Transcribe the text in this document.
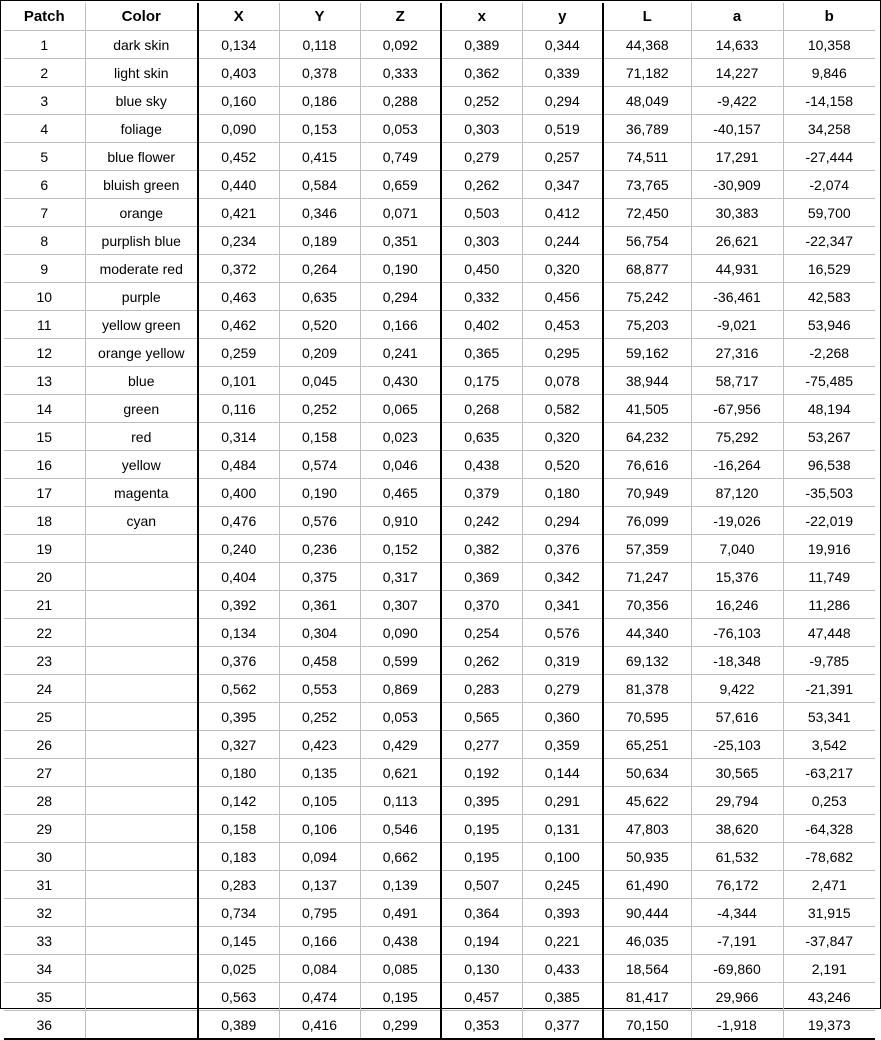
Patch	Color	X	Y	Z	x	y	L	a	b
1	dark skin	0,134	0,118	0,092	0,389	0,344	44,368	14,633	10,358
2	light skin	0,403	0,378	0,333	0,362	0,339	71,182	14,227	9,846
3	blue sky	0,160	0,186	0,288	0,252	0,294	48,049	-9,422	-14,158
4	foliage	0,090	0,153	0,053	0,303	0,519	36,789	-40,157	34,258
5	blue flower	0,452	0,415	0,749	0,279	0,257	74,511	17,291	-27,444
6	bluish green	0,440	0,584	0,659	0,262	0,347	73,765	-30,909	-2,074
7	orange	0,421	0,346	0,071	0,503	0,412	72,450	30,383	59,700
8	purplish blue	0,234	0,189	0,351	0,303	0,244	56,754	26,621	-22,347
9	moderate red	0,372	0,264	0,190	0,450	0,320	68,877	44,931	16,529
10	purple	0,463	0,635	0,294	0,332	0,456	75,242	-36,461	42,583
11	yellow green	0,462	0,520	0,166	0,402	0,453	75,203	-9,021	53,946
12	orange yellow	0,259	0,209	0,241	0,365	0,295	59,162	27,316	-2,268
13	blue	0,101	0,045	0,430	0,175	0,078	38,944	58,717	-75,485
14	green	0,116	0,252	0,065	0,268	0,582	41,505	-67,956	48,194
15	red	0,314	0,158	0,023	0,635	0,320	64,232	75,292	53,267
16	yellow	0,484	0,574	0,046	0,438	0,520	76,616	-16,264	96,538
17	magenta	0,400	0,190	0,465	0,379	0,180	70,949	87,120	-35,503
18	cyan	0,476	0,576	0,910	0,242	0,294	76,099	-19,026	-22,019
19		0,240	0,236	0,152	0,382	0,376	57,359	7,040	19,916
20		0,404	0,375	0,317	0,369	0,342	71,247	15,376	11,749
21		0,392	0,361	0,307	0,370	0,341	70,356	16,246	11,286
22		0,134	0,304	0,090	0,254	0,576	44,340	-76,103	47,448
23		0,376	0,458	0,599	0,262	0,319	69,132	-18,348	-9,785
24		0,562	0,553	0,869	0,283	0,279	81,378	9,422	-21,391
25		0,395	0,252	0,053	0,565	0,360	70,595	57,616	53,341
26		0,327	0,423	0,429	0,277	0,359	65,251	-25,103	3,542
27		0,180	0,135	0,621	0,192	0,144	50,634	30,565	-63,217
28		0,142	0,105	0,113	0,395	0,291	45,622	29,794	0,253
29		0,158	0,106	0,546	0,195	0,131	47,803	38,620	-64,328
30		0,183	0,094	0,662	0,195	0,100	50,935	61,532	-78,682
31		0,283	0,137	0,139	0,507	0,245	61,490	76,172	2,471
32		0,734	0,795	0,491	0,364	0,393	90,444	-4,344	31,915
33		0,145	0,166	0,438	0,194	0,221	46,035	-7,191	-37,847
34		0,025	0,084	0,085	0,130	0,433	18,564	-69,860	2,191
35		0,563	0,474	0,195	0,457	0,385	81,417	29,966	43,246
36		0,389	0,416	0,299	0,353	0,377	70,150	-1,918	19,373
